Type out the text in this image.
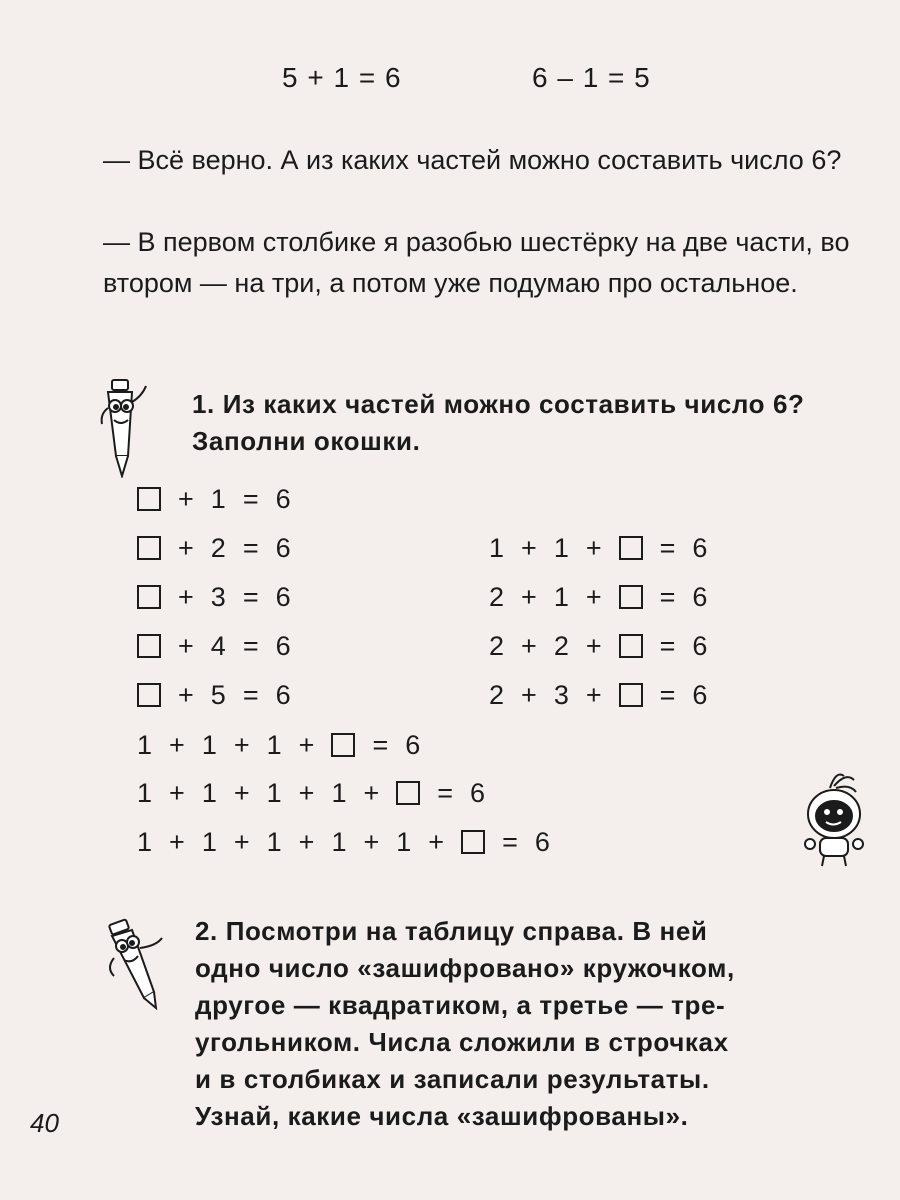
5 + 1 = 6	6 – 1 = 5
— Всё верно. А из каких частей можно составить число 6?
— В первом столбике я разобью шестёрку на две части, во втором — на три, а потом уже подумаю про остальное.
1. Из каких частей можно составить число 6? Заполни окошки.
2. Посмотри на таблицу справа. В ней
одно число «зашифровано» кружочком,
другое — квадратиком, а третье — тре-
угольником. Числа сложили в строчках
и в столбиках и записали результаты.
Узнай, какие числа «зашифрованы».
40
+ 1 = 6
+ 2 = 6
+ 3 = 6
+ 4 = 6
+ 5 = 6
1 + 1 + = 6
2 + 1 + = 6
2 + 2 + = 6
2 + 3 + = 6
1 + 1 + 1 + = 6
1 + 1 + 1 + 1 + = 6
1 + 1 + 1 + 1 + 1 + = 6
